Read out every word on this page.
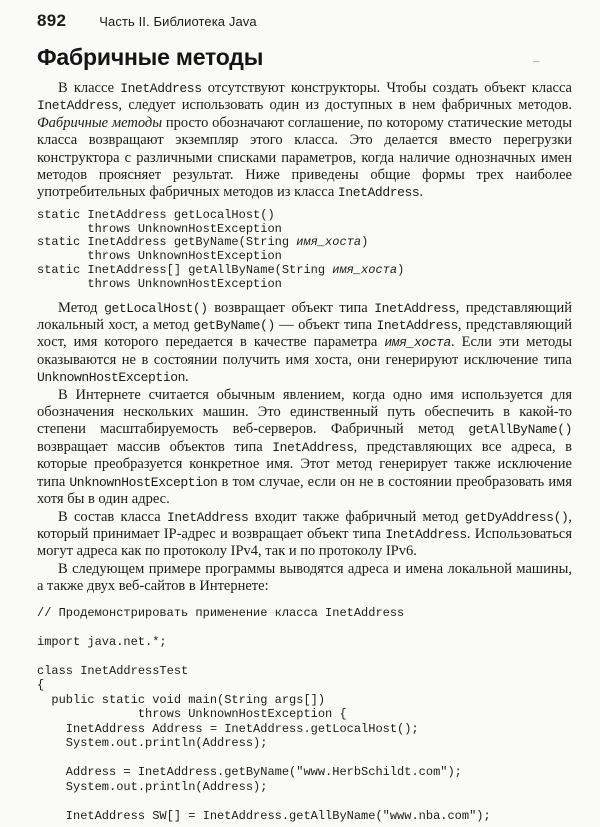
892	Часть II. Библиотека Java
Фабричные методы	–

В классе InetAddress отсутствуют конструкторы. Чтобы создать объект класса InetAddress, следует использовать один из доступных в нем фабричных методов. Фабричные методы просто обозначают соглашение, по которому статические методы класса возвращают экземпляр этого класса. Это делается вместо перегрузки конструктора с различными списками параметров, когда наличие однозначных имен методов проясняет результат. Ниже приведены общие формы трех наиболее употребительных фабричных методов из класса InetAddress.

static InetAddress getLocalHost()
throws UnknownHostException
static InetAddress getByName(String имя_хоста)
throws UnknownHostException
static InetAddress[] getAllByName(String имя_хоста)
throws UnknownHostException

Метод getLocalHost() возвращает объект типа InetAddress, представляющий локальный хост, а метод getByName() — объект типа InetAddress, представляющий хост, имя которого передается в качестве параметра имя_хоста. Если эти методы оказываются не в состоянии получить имя хоста, они генерируют исключение типа UnknownHostException.

В Интернете считается обычным явлением, когда одно имя используется для обозначения нескольких машин. Это единственный путь обеспечить в какой-то степени масштабируемость веб-серверов. Фабричный метод getAllByName() возвращает массив объектов типа InetAddress, представляющих все адреса, в которые преобразуется конкретное имя. Этот метод генерирует также исключение типа UnknownHostException в том случае, если он не в состоянии преобразовать имя хотя бы в один адрес.

В состав класса InetAddress входит также фабричный метод getDyAddress(), который принимает IP-адрес и возвращает объект типа InetAddress. Использоваться могут адреса как по протоколу IPv4, так и по протоколу IPv6.

В следующем примере программы выводятся адреса и имена локальной машины, а также двух веб-сайтов в Интернете:

// Продемонстрировать применение класса InetAddress

import java.net.*;

class InetAddressTest
{
public static void main(String args[])
throws UnknownHostException {
InetAddress Address = InetAddress.getLocalHost();
System.out.println(Address);

Address = InetAddress.getByName("www.HerbSchildt.com");
System.out.println(Address);

InetAddress SW[] = InetAddress.getAllByName("www.nba.com");
